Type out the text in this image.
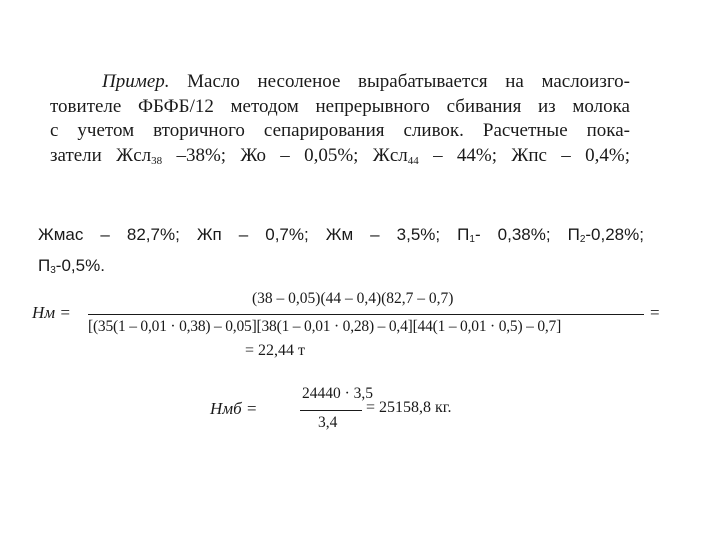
Пример. Масло несоленое вырабатывается на маслоизго-
товителе ФБФБ/12 методом непрерывного сбивания из молока
с учетом вторичного сепарирования сливок. Расчетные пока-
затели Жсл$_{38}$ –38%; Жо – 0,05%; Жсл$_{44}$ – 44%; Жпс – 0,4%;
Жмас – 82,7%; Жп – 0,7%; Жм – 3,5%; $П_1-$ 0,38%; $П_2-0,28\%$;
$П_3-0,5\%$.
Нм =
(38 – 0,05)(44 – 0,4)(82,7 – 0,7)
[(35(1 – 0,01 · 0,38) – 0,05][38(1 – 0,01 · 0,28) – 0,4][44(1 – 0,01 · 0,5) – 0,7]
=
= 22,44 т
Нмб =
24440 · 3,5
3,4
= 25158,8 кг.
